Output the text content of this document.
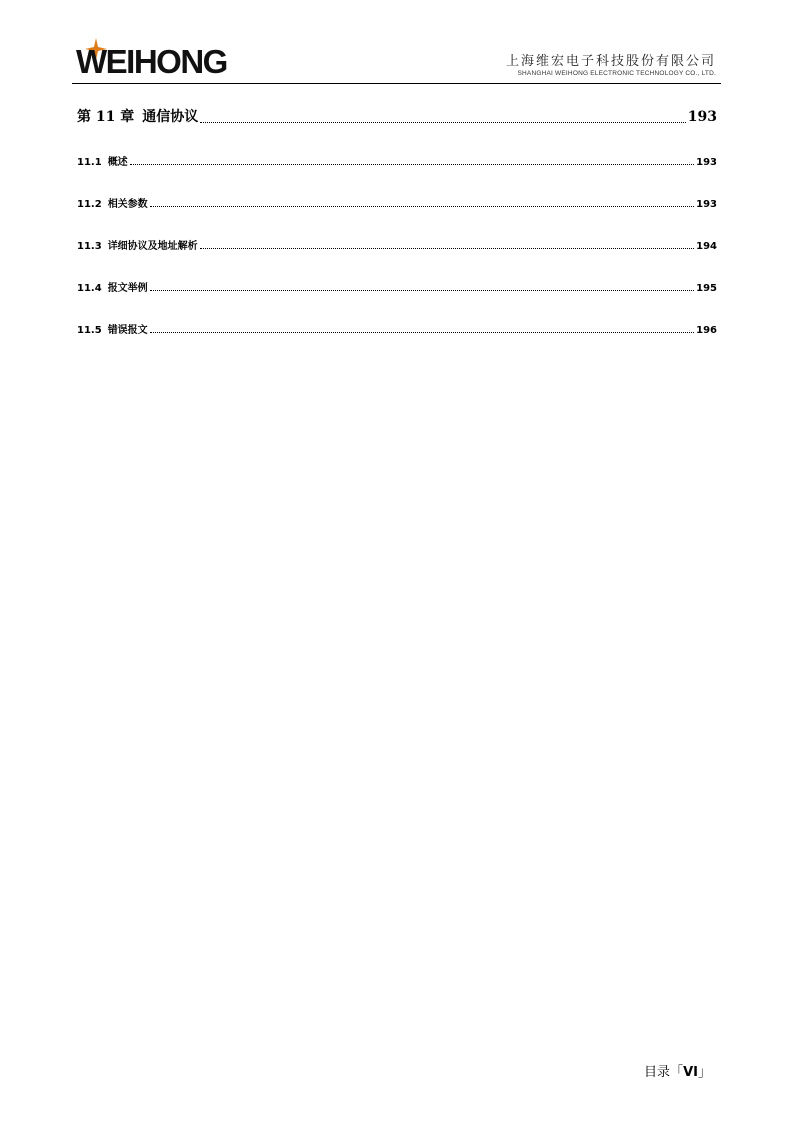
WEIHONG	上海维宏电子科技股份有限公司
SHANGHAI WEIHONG ELECTRONIC TECHNOLOGY CO., LTD.
第 11 章 通信协议	193
11.1 概述	193
11.2 相关参数	193
11.3 详细协议及地址解析	194
11.4 报文举例	195
11.5 错误报文	196
目录「VI」
